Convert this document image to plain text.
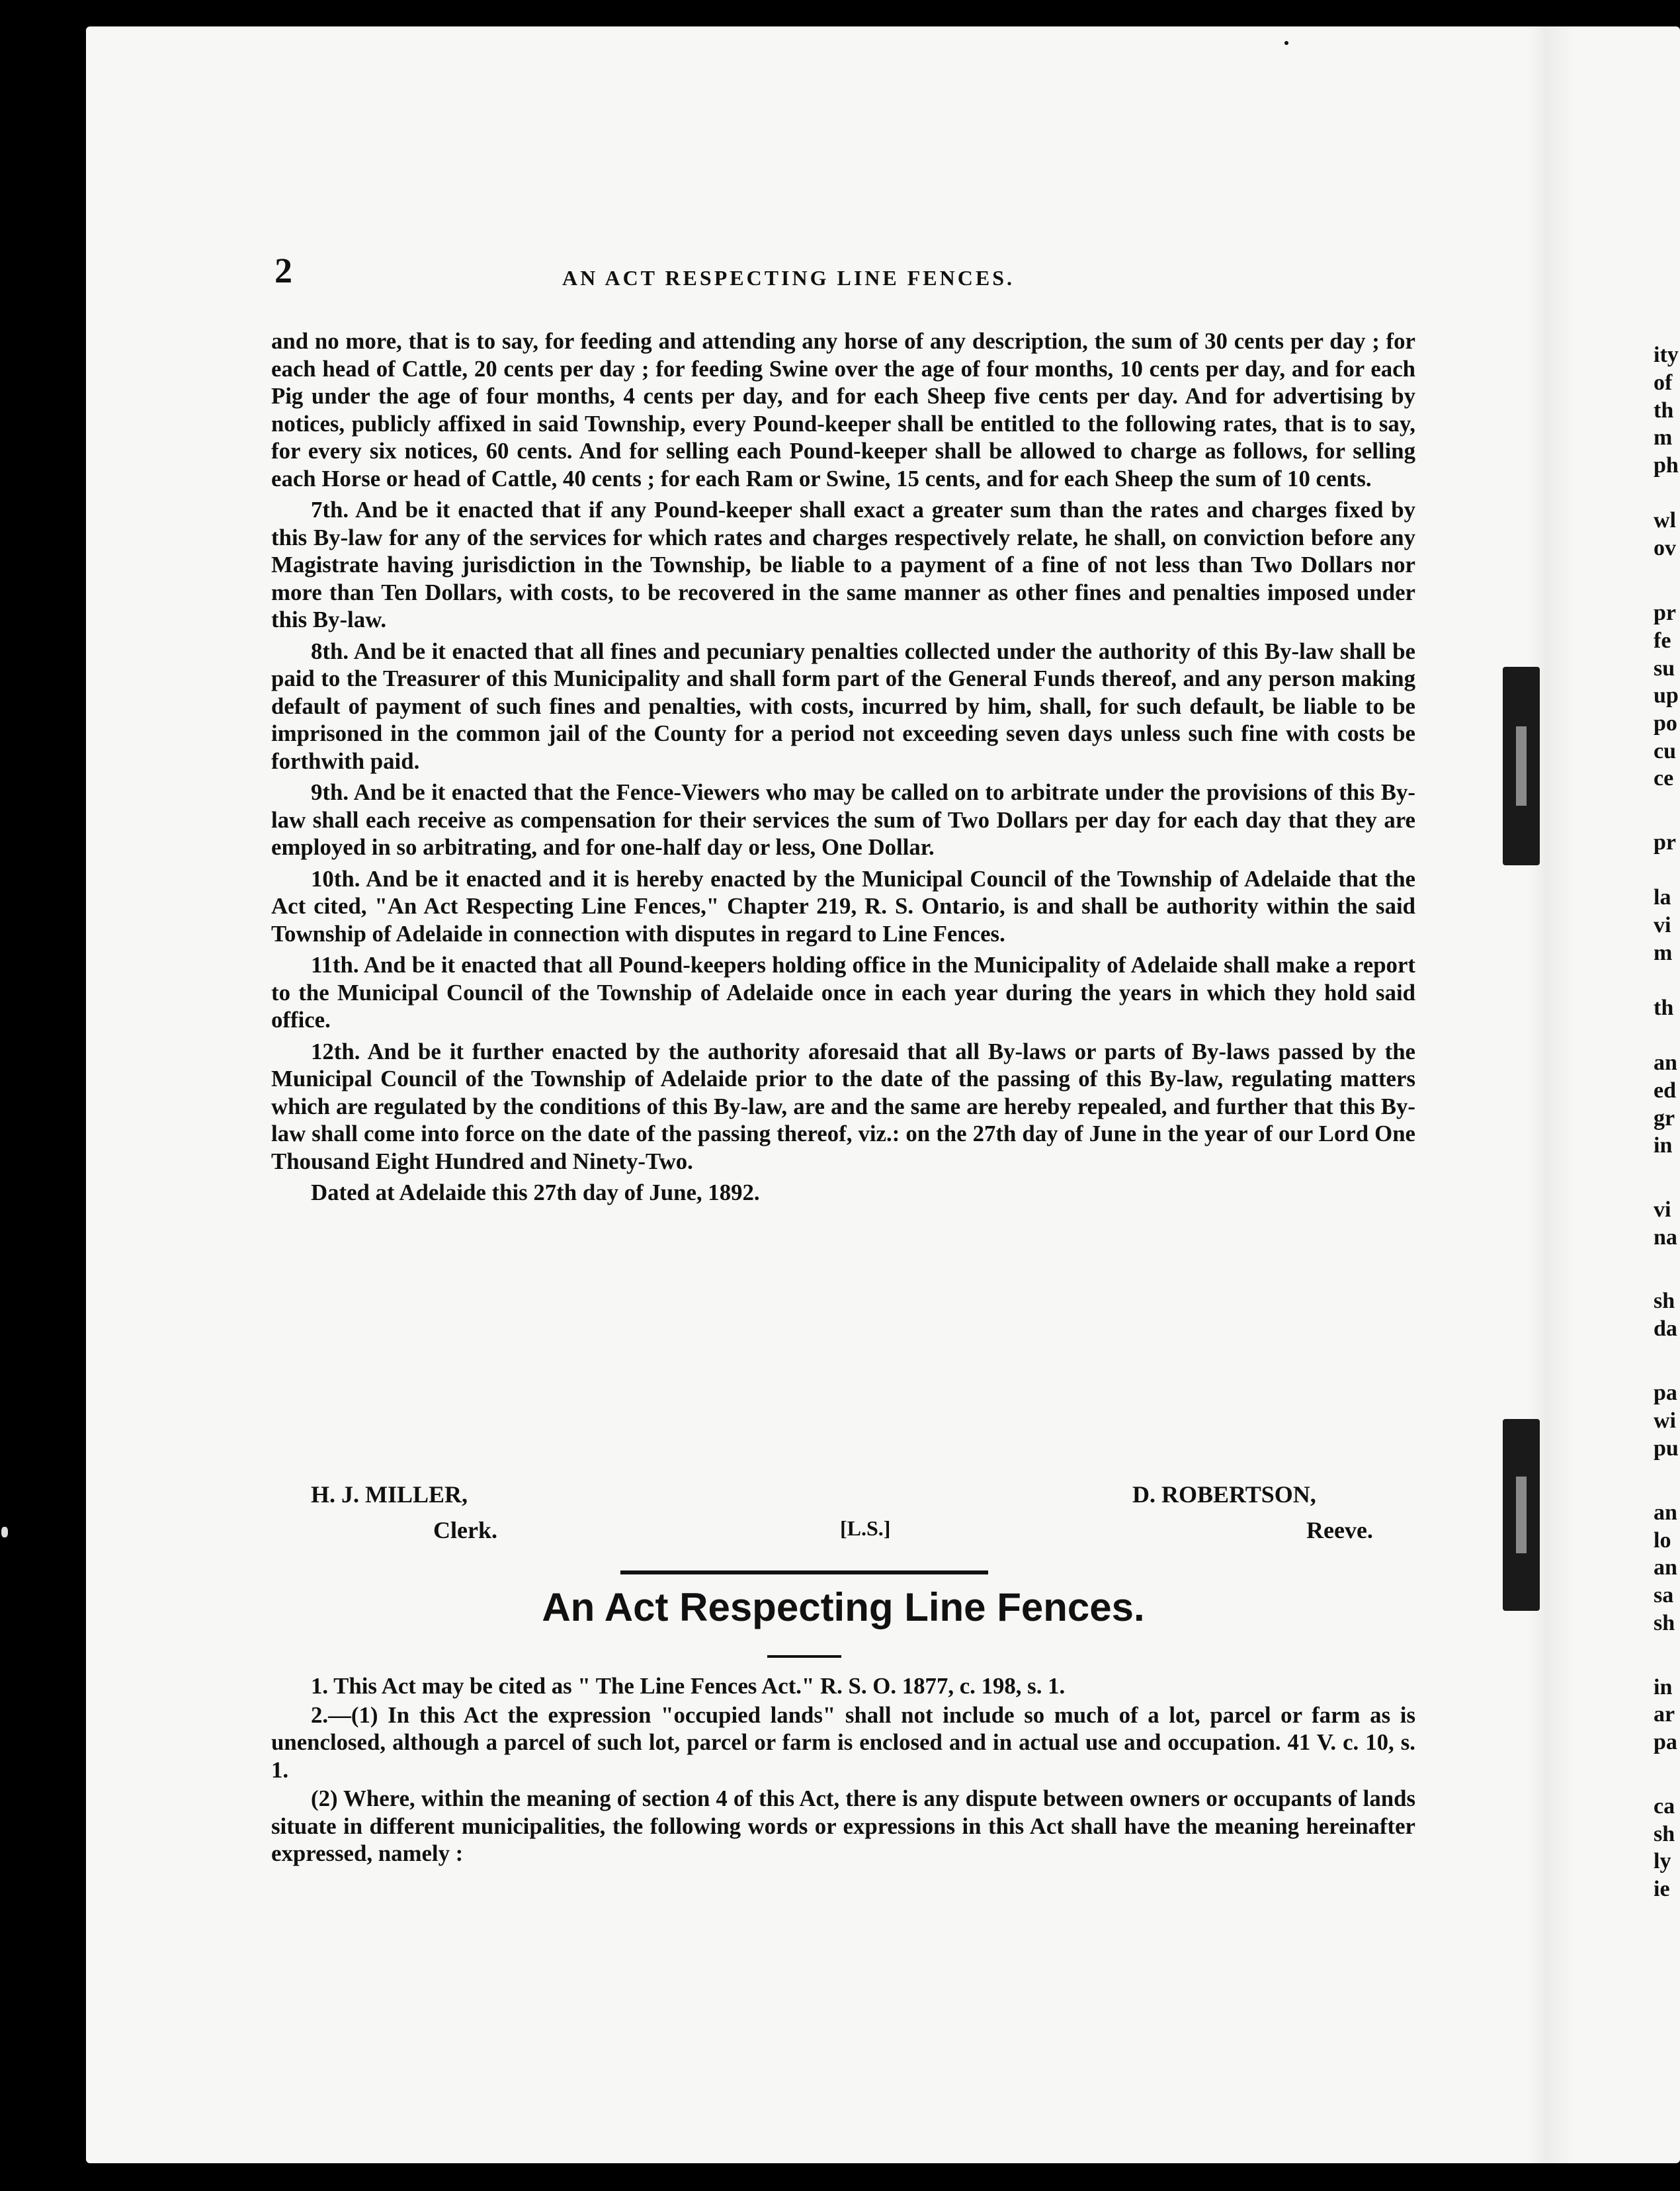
2	AN ACT RESPECTING LINE FENCES.

and no more, that is to say, for feeding and attending any horse of any description, the sum of 30 cents per day ; for each head of Cattle, 20 cents per day ; for feeding Swine over the age of four months, 10 cents per day, and for each Pig under the age of four months, 4 cents per day, and for each Sheep five cents per day. And for advertising by notices, publicly affixed in said Township, every Pound-keeper shall be entitled to the following rates, that is to say, for every six notices, 60 cents. And for selling each Pound-keeper shall be allowed to charge as follows, for selling each Horse or head of Cattle, 40 cents ; for each Ram or Swine, 15 cents, and for each Sheep the sum of 10 cents.

7th. And be it enacted that if any Pound-keeper shall exact a greater sum than the rates and charges fixed by this By-law for any of the services for which rates and charges respectively relate, he shall, on conviction before any Magistrate having jurisdiction in the Township, be liable to a payment of a fine of not less than Two Dollars nor more than Ten Dollars, with costs, to be recovered in the same manner as other fines and penalties imposed under this By-law.

8th. And be it enacted that all fines and pecuniary penalties collected under the authority of this By-law shall be paid to the Treasurer of this Municipality and shall form part of the General Funds thereof, and any person making default of payment of such fines and penalties, with costs, incurred by him, shall, for such default, be liable to be imprisoned in the common jail of the County for a period not exceeding seven days unless such fine with costs be forthwith paid.

9th. And be it enacted that the Fence-Viewers who may be called on to arbitrate under the provisions of this By-law shall each receive as compensation for their services the sum of Two Dollars per day for each day that they are employed in so arbitrating, and for one-half day or less, One Dollar.

10th. And be it enacted and it is hereby enacted by the Municipal Council of the Township of Adelaide that the Act cited, "An Act Respecting Line Fences," Chapter 219, R. S. Ontario, is and shall be authority within the said Township of Adelaide in connection with disputes in regard to Line Fences.

11th. And be it enacted that all Pound-keepers holding office in the Municipality of Adelaide shall make a report to the Municipal Council of the Township of Adelaide once in each year during the years in which they hold said office.

12th. And be it further enacted by the authority aforesaid that all By-laws or parts of By-laws passed by the Municipal Council of the Township of Adelaide prior to the date of the passing of this By-law, regulating matters which are regulated by the conditions of this By-law, are and the same are hereby repealed, and further that this By-law shall come into force on the date of the passing thereof, viz.: on the 27th day of June in the year of our Lord One Thousand Eight Hundred and Ninety-Two.

Dated at Adelaide this 27th day of June, 1892.

H. J. MILLER,
Clerk.	[L.S.]
D. ROBERTSON,
Reeve.
An Act Respecting Line Fences.

1. This Act may be cited as " The Line Fences Act." R. S. O. 1877, c. 198, s. 1.

2.—(1) In this Act the expression "occupied lands" shall not include so much of a lot, parcel or farm as is unenclosed, although a parcel of such lot, parcel or farm is enclosed and in actual use and occupation. 41 V. c. 10, s. 1.

(2) Where, within the meaning of section 4 of this Act, there is any dispute between owners or occupants of lands situate in different municipalities, the following words or expressions in this Act shall have the meaning hereinafter expressed, namely :

ity
of
th
m
ph
wl
ov
pr
fe
su
up
po
cu
ce
pr
la
vi
m
th
an
ed
gr
in
vi
na
sh
da
pa
wi
pu
an
lo
an
sa
sh
in
ar
pa
ca
sh
ly
ie
